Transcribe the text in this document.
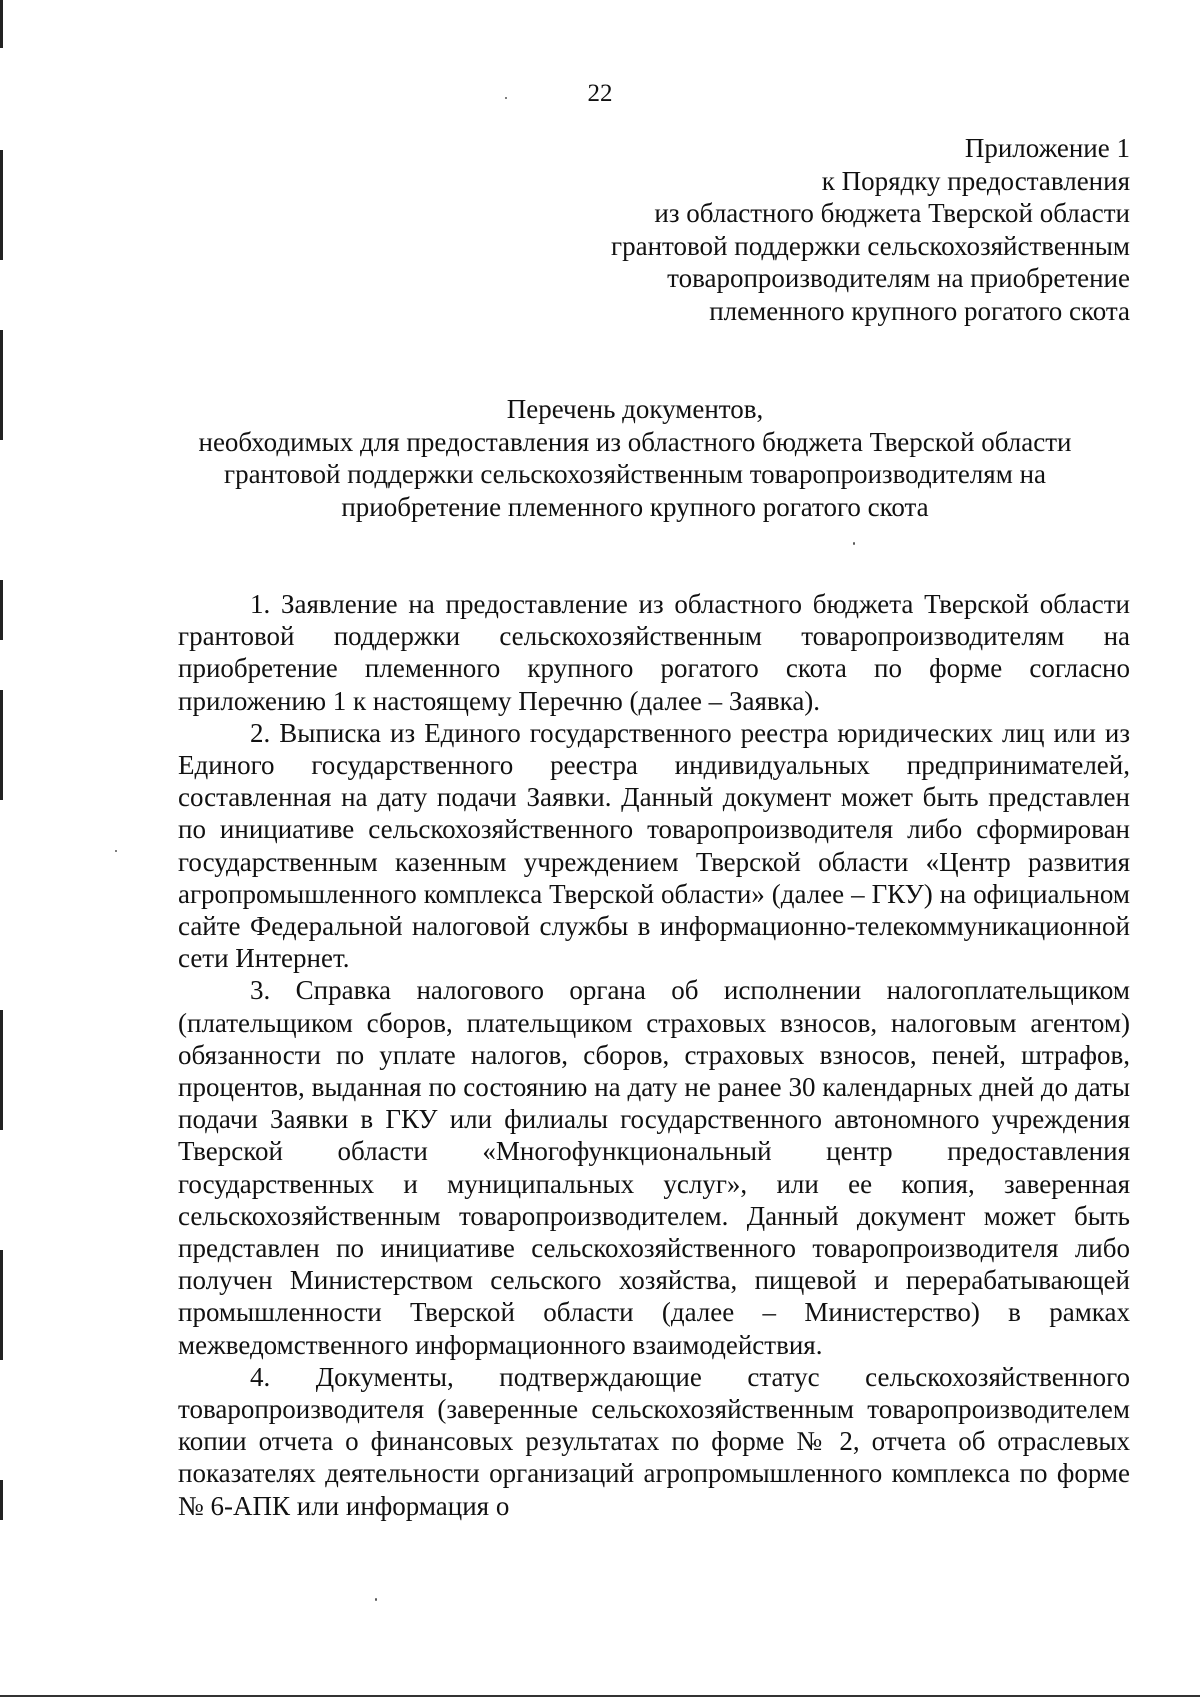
22
Приложение 1
к Порядку предоставления
из областного бюджета Тверской области
грантовой поддержки сельскохозяйственным
товаропроизводителям на приобретение
племенного крупного рогатого скота
Перечень документов,
необходимых для предоставления из областного бюджета Тверской области
грантовой поддержки сельскохозяйственным товаропроизводителям на
приобретение племенного крупного рогатого скота

1. Заявление на предоставление из областного бюджета Тверской области грантовой поддержки сельскохозяйственным товаропроизводителям на приобретение племенного крупного рогатого скота по форме согласно приложению 1 к настоящему Перечню (далее – Заявка).

2. Выписка из Единого государственного реестра юридических лиц или из Единого государственного реестра индивидуальных предпринимателей, составленная на дату подачи Заявки. Данный документ может быть представлен по инициативе сельскохозяйственного товаропроизводителя либо сформирован государственным казенным учреждением Тверской области «Центр развития агропромышленного комплекса Тверской области» (далее – ГКУ) на официальном сайте Федеральной налоговой службы в информационно-телекоммуникационной сети Интернет.

3. Справка налогового органа об исполнении налогоплательщиком (плательщиком сборов, плательщиком страховых взносов, налоговым агентом) обязанности по уплате налогов, сборов, страховых взносов, пеней, штрафов, процентов, выданная по состоянию на дату не ранее 30 календарных дней до даты подачи Заявки в ГКУ или филиалы государственного автономного учреждения Тверской области «Многофункциональный центр предоставления государственных и муниципальных услуг», или ее копия, заверенная сельскохозяйственным товаропроизводителем. Данный документ может быть представлен по инициативе сельскохозяйственного товаропроизводителя либо получен Министерством сельского хозяйства, пищевой и перерабатывающей промышленности Тверской области (далее – Министерство) в рамках межведомственного информационного взаимодействия.

4. Документы, подтверждающие статус сельскохозяйственного товаропроизводителя (заверенные сельскохозяйственным товаропроизводителем копии отчета о финансовых результатах по форме № 2, отчета об отраслевых показателях деятельности организаций агропромышленного комплекса по форме № 6-АПК или информация о
